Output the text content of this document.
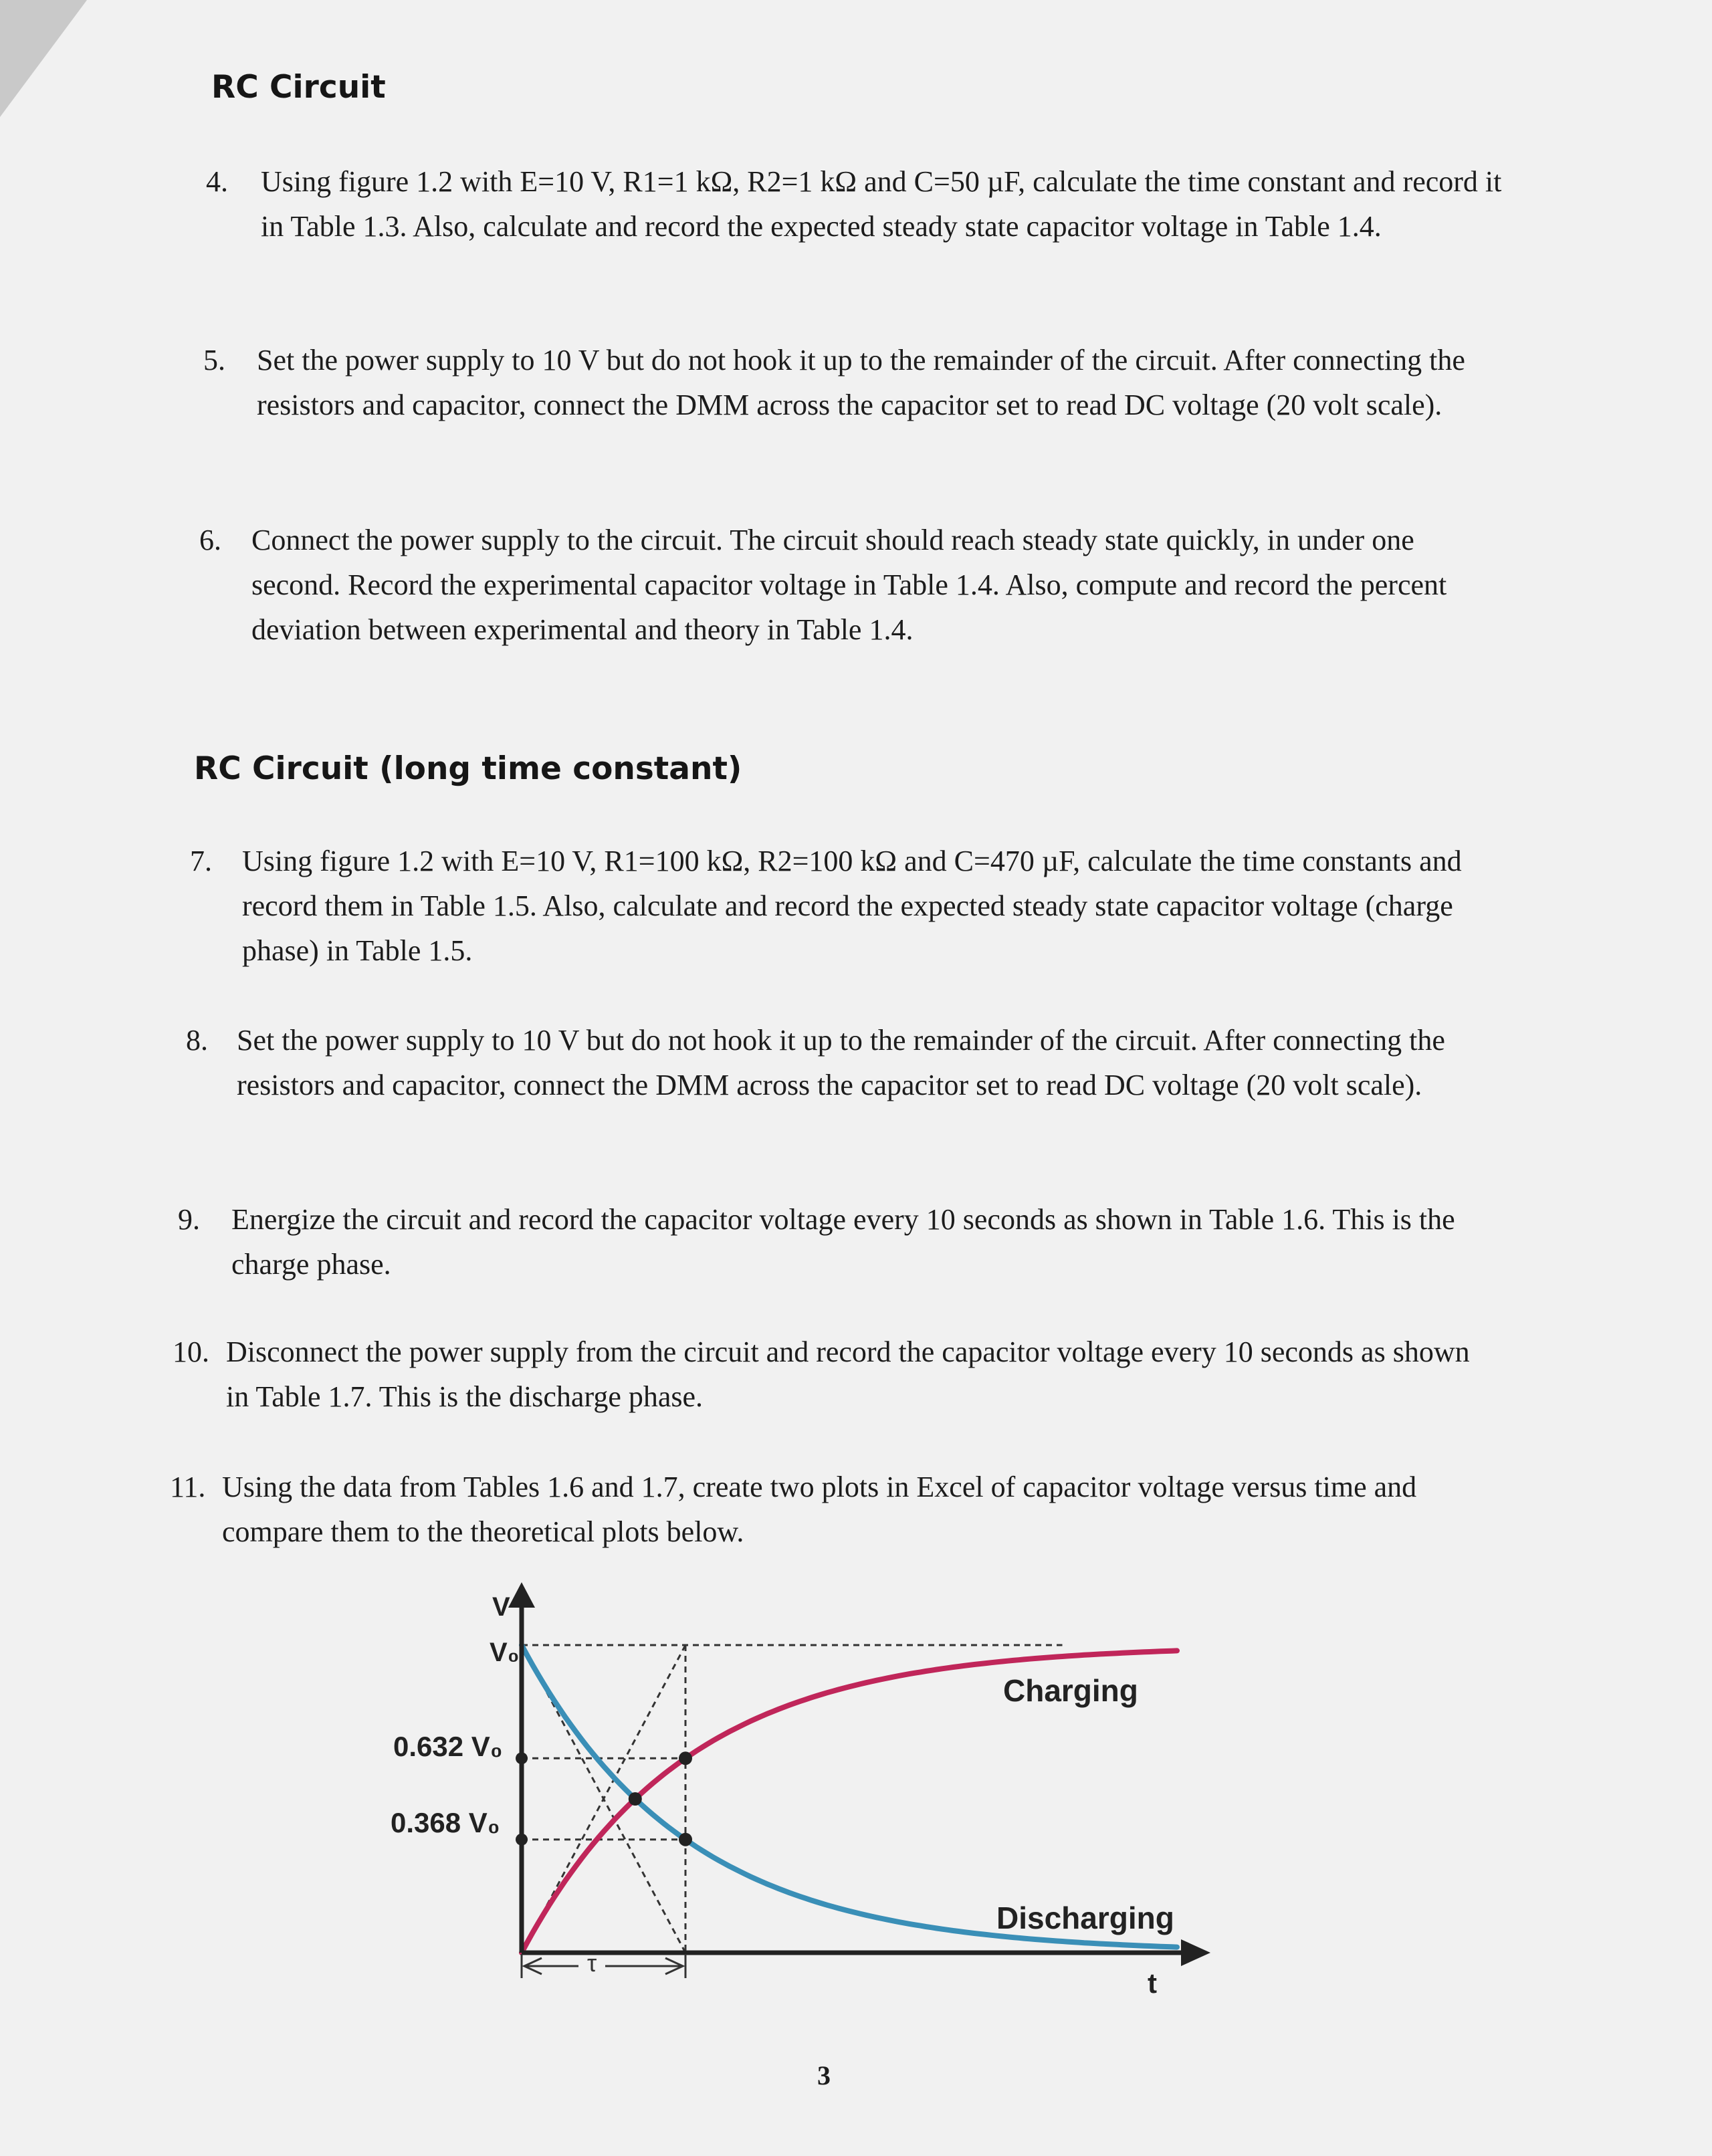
RC Circuit
4.	Using figure 1.2 with E=10 V, R1=1 kΩ, R2=1 kΩ and C=50 µF, calculate the time constant and record it in Table 1.3. Also, calculate and record the expected steady state capacitor voltage in Table 1.4.
5.	Set the power supply to 10 V but do not hook it up to the remainder of the circuit. After connecting the resistors and capacitor, connect the DMM across the capacitor set to read DC voltage (20 volt scale).
6.	Connect the power supply to the circuit. The circuit should reach steady state quickly, in under one second. Record the experimental capacitor voltage in Table 1.4. Also, compute and record the percent deviation between experimental and theory in Table 1.4.
RC Circuit (long time constant)
7.	Using figure 1.2 with E=10 V, R1=100 kΩ, R2=100 kΩ and C=470 µF, calculate the time constants and record them in Table 1.5. Also, calculate and record the expected steady state capacitor voltage (charge phase) in Table 1.5.
8. Set the power supply to 10 V but do not hook it up to the remainder of the circuit. After connecting the resistors and capacitor, connect the DMM across the capacitor set to read DC voltage (20 volt scale).
9.	Energize the circuit and record the capacitor voltage every 10 seconds as shown in Table 1.6. This is the charge phase.
10. Disconnect the power supply from the circuit and record the capacitor voltage every 10 seconds as shown in Table 1.7. This is the discharge phase.
11. Using the data from Tables 1.6 and 1.7, create two plots in Excel of capacitor voltage versus time and compare them to the theoretical plots below.
V
V₀
0.632 V₀
0.368 V₀
Charging
Discharging
t
τ
3
